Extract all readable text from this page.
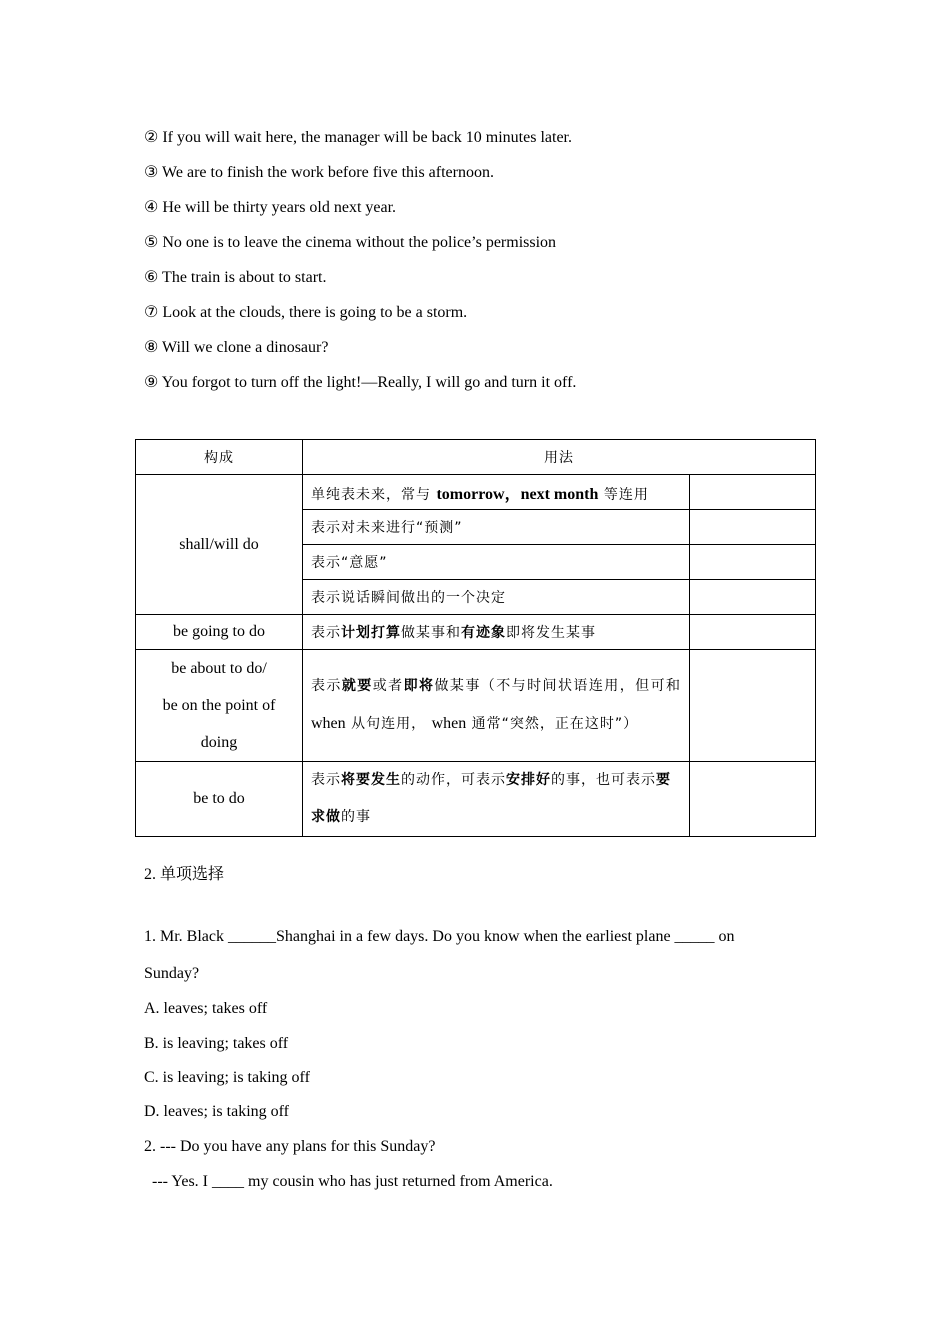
② If you will wait here, the manager will be back 10 minutes later.
③ We are to finish the work before five this afternoon.
④ He will be thirty years old next year.
⑤ No one is to leave the cinema without the police’s permission
⑥ The train is about to start.
⑦ Look at the clouds, there is going to be a storm.
⑧ Will we clone a dinosaur?
⑨ You forgot to turn off the light!—Really, I will go and turn it off.
构成	用法	
shall/will do	单纯表未来，常与 tomorrow，next month 等连用	
	表示对未来进行“预测”	
	表示“意愿”	
	表示说话瞬间做出的一个决定	
be going to do	表示计划打算做某事和有迹象即将发生某事	

be about to do/
be on the point of
doing	表示就要或者即将做某事（不与时间状语连用，但可和 when 从句连用， when 通常“突然，正在这时”）	
be to do	表示将要发生的动作，可表示安排好的事，也可表示要求做的事	
2. 单项选择
1. Mr. Black ______Shanghai in a few days. Do you know when the earliest plane _____ on
Sunday?
A. leaves; takes off
B. is leaving; takes off
C. is leaving; is taking off
D. leaves; is taking off
2. --- Do you have any plans for this Sunday?
--- Yes. I ____ my cousin who has just returned from America.
